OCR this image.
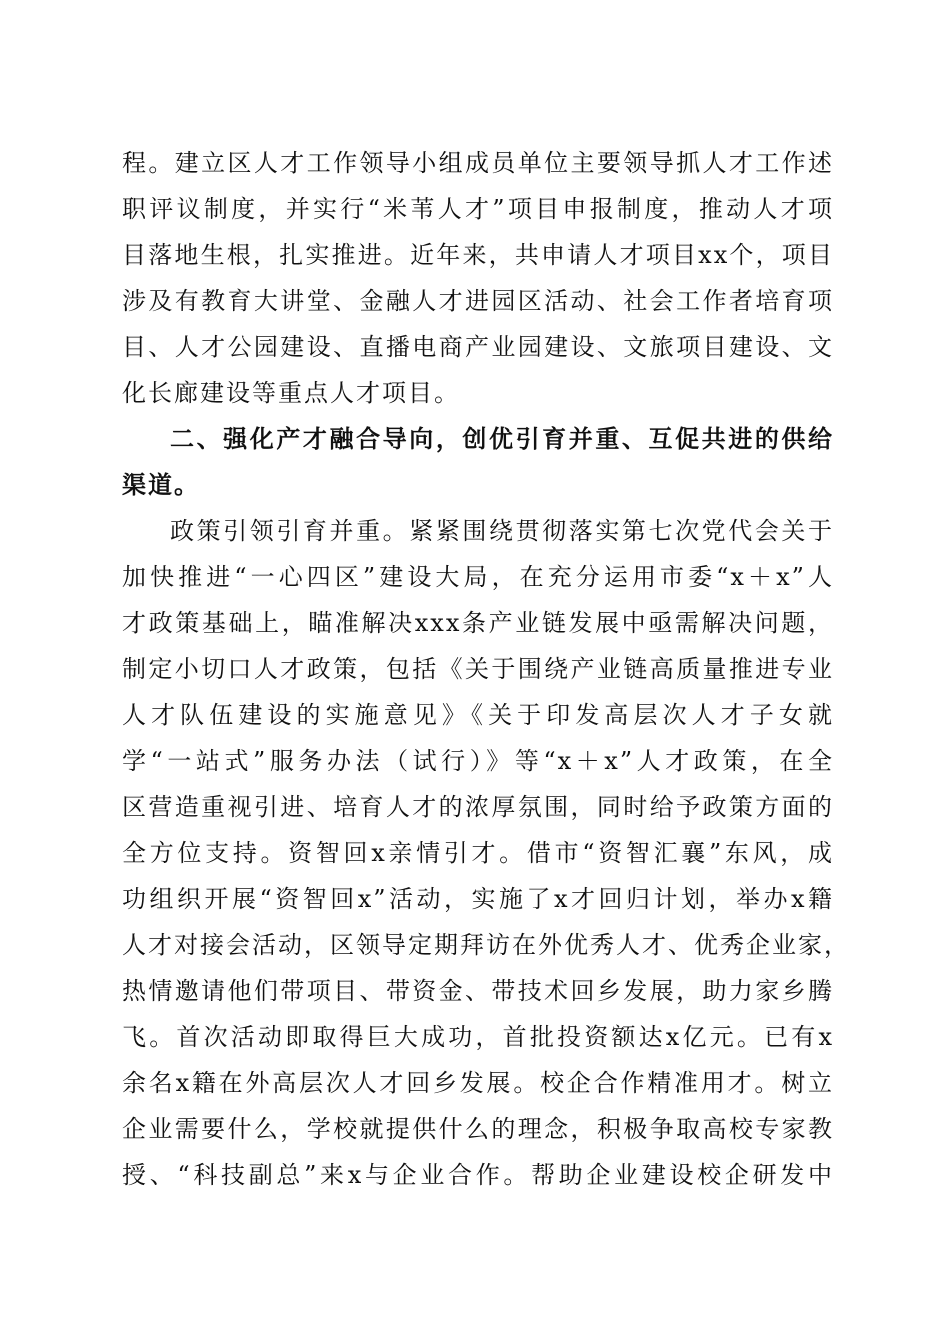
程。建立区人才工作领导小组成员单位主要领导抓人才工作述
职评议制度，并实行“米苇人才”项目申报制度，推动人才项
目落地生根，扎实推进。近年来，共申请人才项目xx个，项目
涉及有教育大讲堂、金融人才进园区活动、社会工作者培育项
目、人才公园建设、直播电商产业园建设、文旅项目建设、文
化长廊建设等重点人才项目。
二、强化产才融合导向，创优引育并重、互促共进的供给
渠道。
政策引领引育并重。紧紧围绕贯彻落实第七次党代会关于
加快推进“一心四区”建设大局，在充分运用市委“x＋x”人
才政策基础上，瞄准解决xxx条产业链发展中亟需解决问题，
制定小切口人才政策，包括《关于围绕产业链高质量推进专业
人才队伍建设的实施意见》《关于印发高层次人才子女就
学“一站式”服务办法（试行）》等“x＋x”人才政策，在全
区营造重视引进、培育人才的浓厚氛围，同时给予政策方面的
全方位支持。资智回x亲情引才。借市“资智汇襄”东风，成
功组织开展“资智回x”活动，实施了x才回归计划，举办x籍
人才对接会活动，区领导定期拜访在外优秀人才、优秀企业家，
热情邀请他们带项目、带资金、带技术回乡发展，助力家乡腾
飞。首次活动即取得巨大成功，首批投资额达x亿元。已有x
余名x籍在外高层次人才回乡发展。校企合作精准用才。树立
企业需要什么，学校就提供什么的理念，积极争取高校专家教
授、“科技副总”来x与企业合作。帮助企业建设校企研发中
